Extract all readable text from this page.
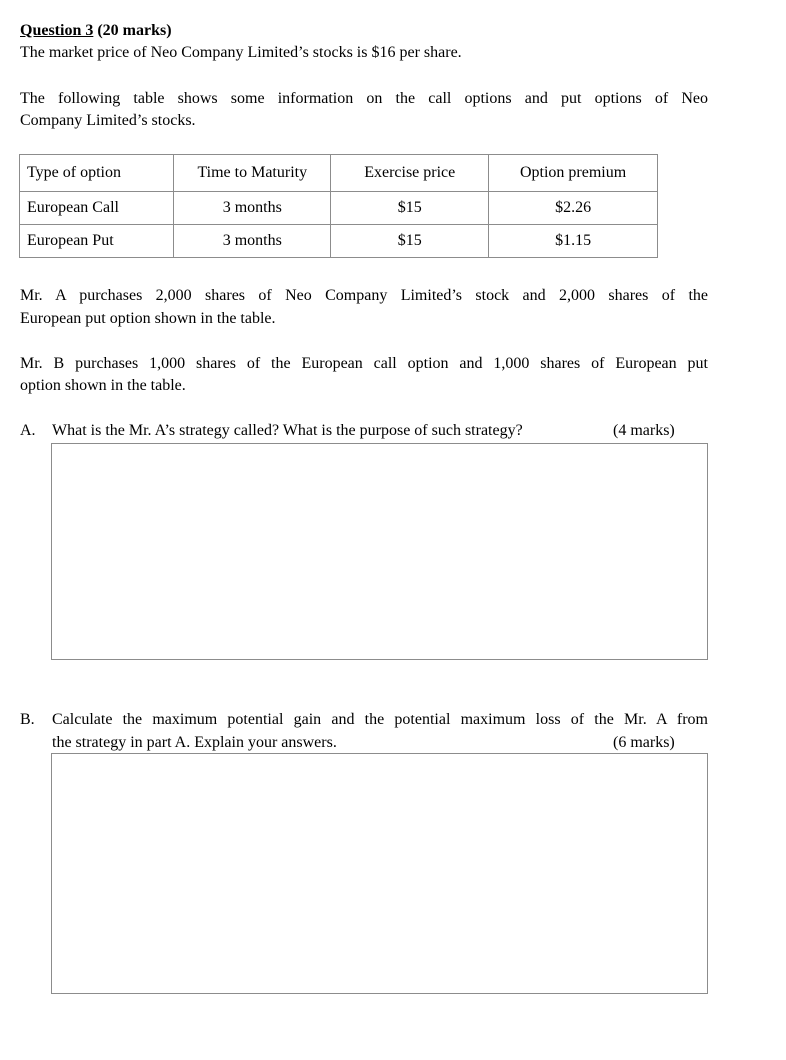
Question 3 (20 marks)
The market price of Neo Company Limited’s stocks is $16 per share.
The following table shows some information on the call options and put options of Neo
Company Limited’s stocks.
Type of option	Time to Maturity	Exercise price	Option premium
European Call	3 months	$15	$2.26
European Put	3 months	$15	$1.15
Mr. A purchases 2,000 shares of Neo Company Limited’s stock and 2,000 shares of the
European put option shown in the table.
Mr. B purchases 1,000 shares of the European call option and 1,000 shares of European put
option shown in the table.
A. What is the Mr. A’s strategy called? What is the purpose of such strategy?	(4 marks)
B. Calculate the maximum potential gain and the potential maximum loss of the Mr. A from
the strategy in part A. Explain your answers.	(6 marks)
